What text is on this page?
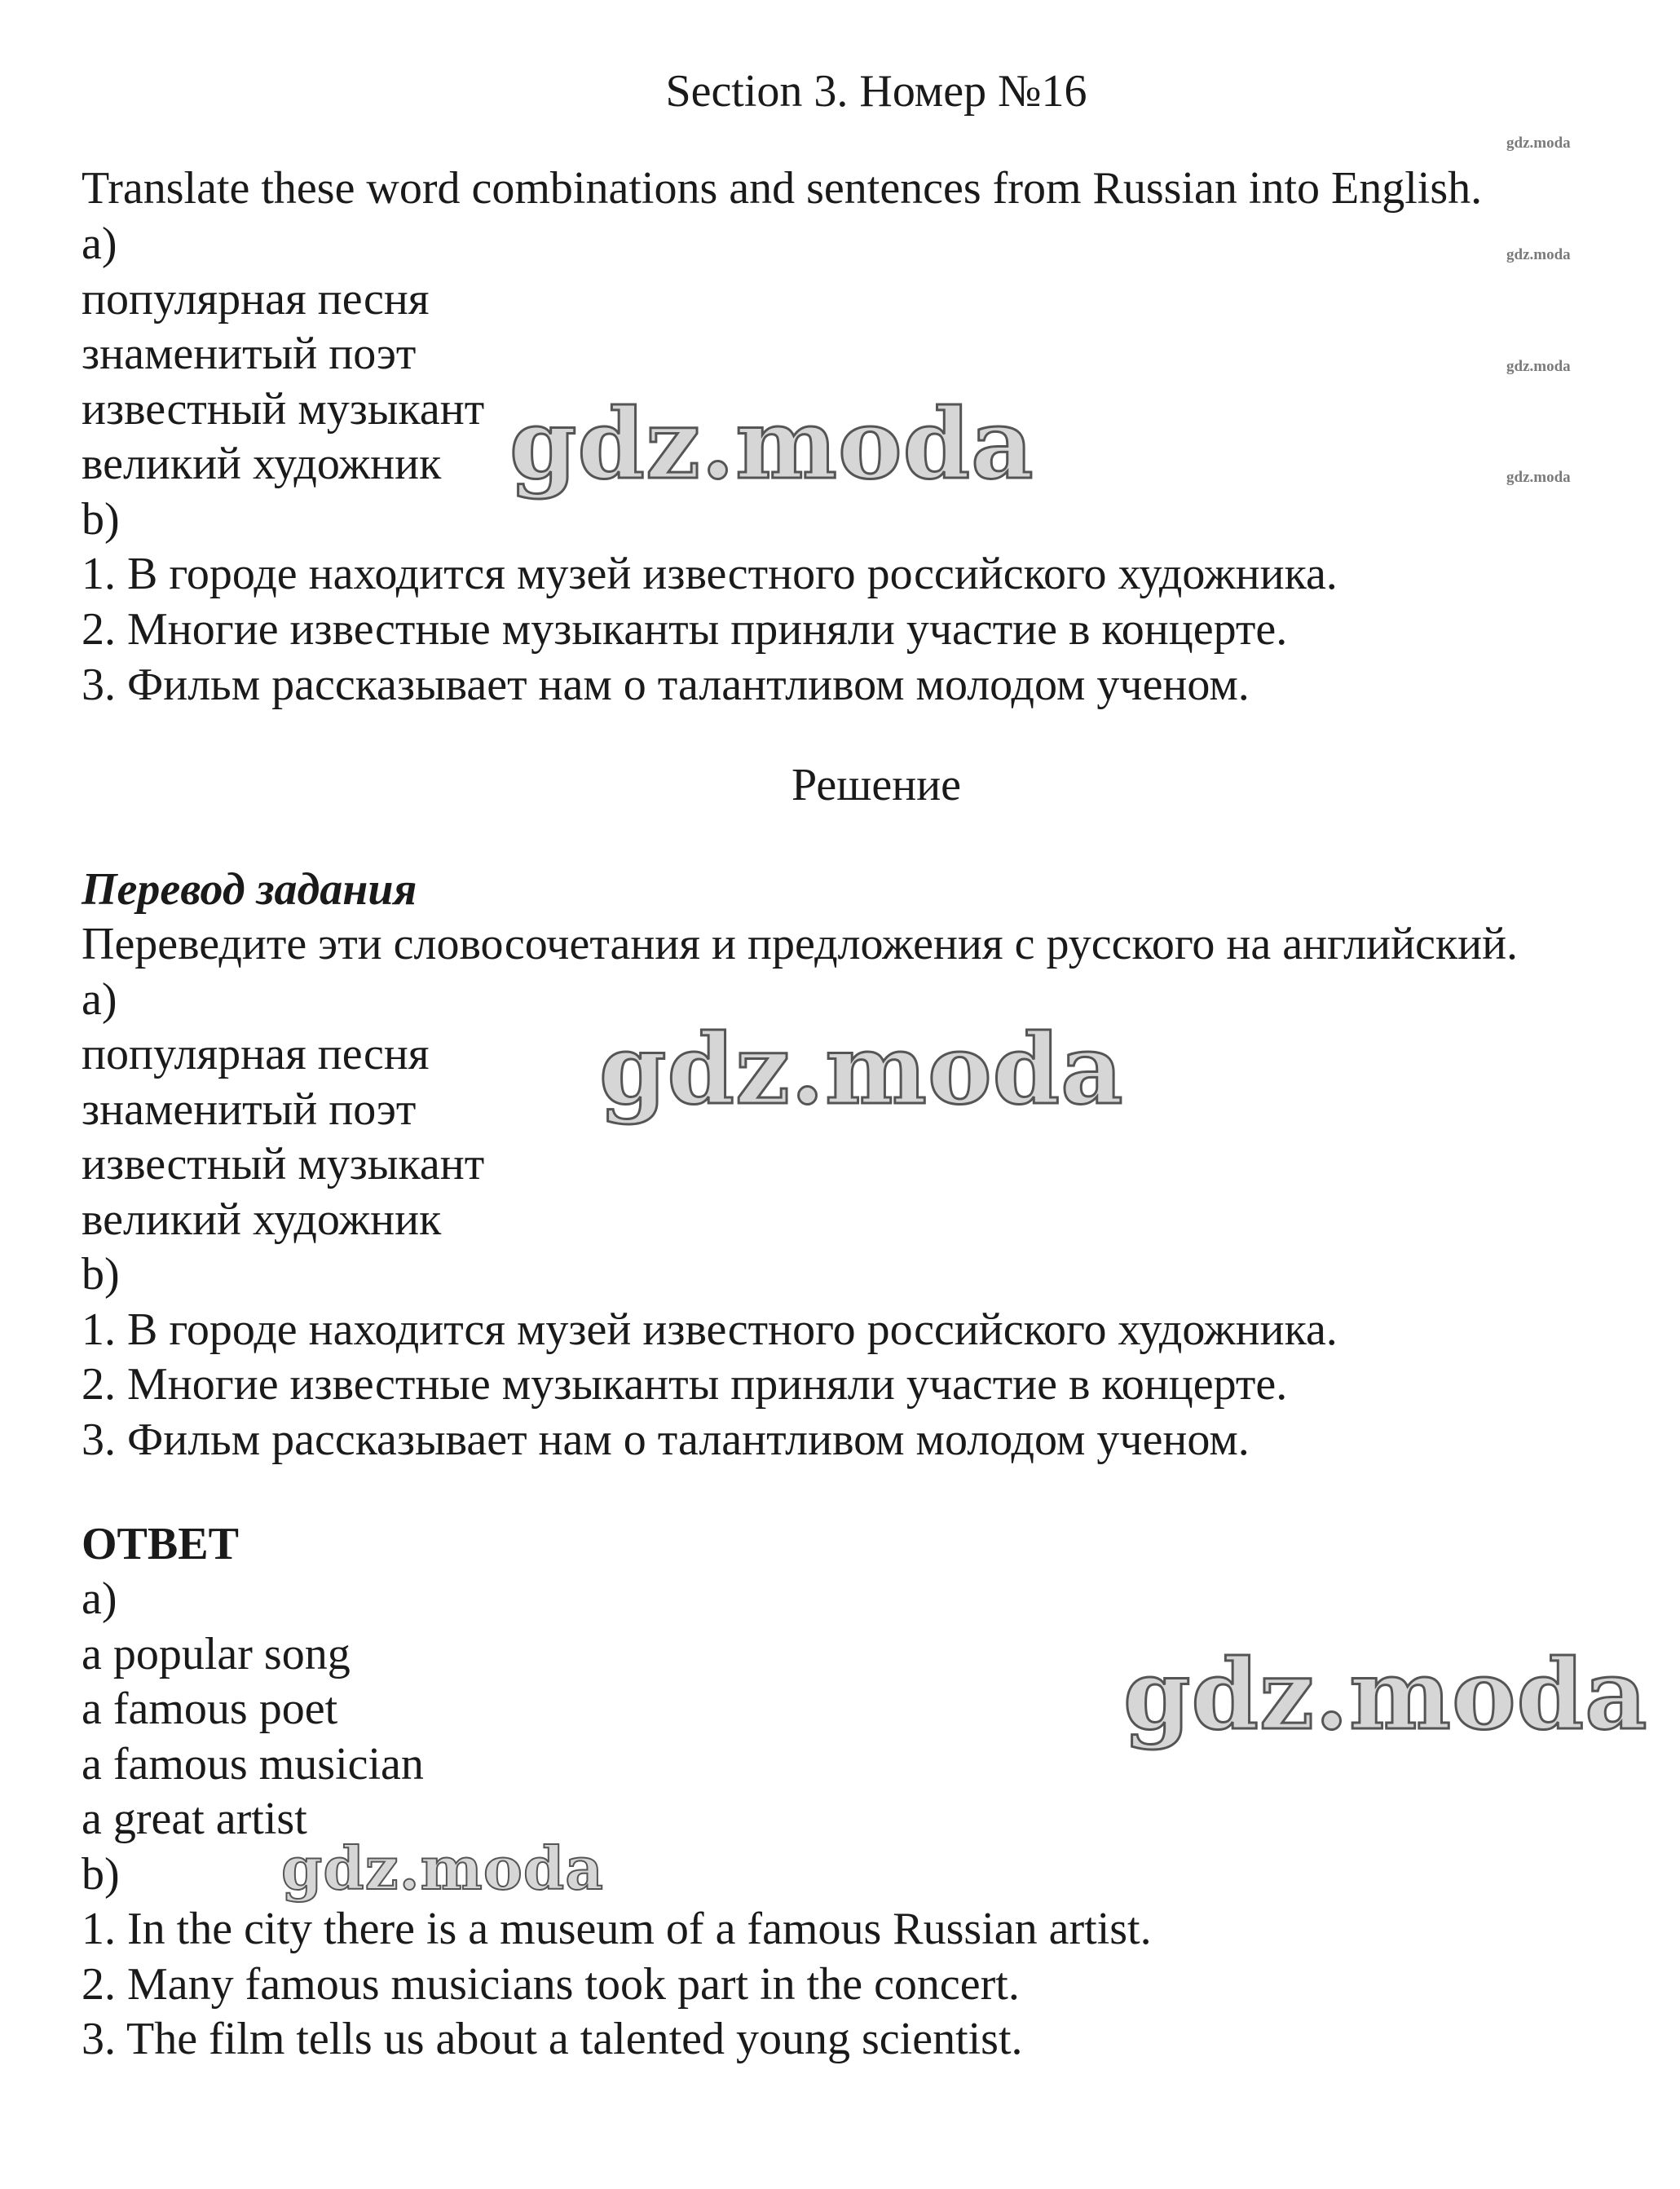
Section 3. Номер №16
gdz.moda
gdz.moda
gdz.moda
gdz.moda
Translate these word combinations and sentences from Russian into English.
a)
популярная песня
знаменитый поэт
известный музыкант
великий художник
b)
1. В городе находится музей известного российского художника.
2. Многие известные музыканты приняли участие в концерте.
3. Фильм рассказывает нам о талантливом молодом ученом.
gdz.moda
Решение
Перевод задания
Переведите эти словосочетания и предложения с русского на английский.
a)
популярная песня
знаменитый поэт
известный музыкант
великий художник
b)
1. В городе находится музей известного российского художника.
2. Многие известные музыканты приняли участие в концерте.
3. Фильм рассказывает нам о талантливом молодом ученом.
gdz.moda
ОТВЕТ
a)
a popular song
a famous poet
a famous musician
a great artist
b)
1. In the city there is a museum of a famous Russian artist.
2. Many famous musicians took part in the concert.
3. The film tells us about a talented young scientist.
gdz.moda
gdz.moda
